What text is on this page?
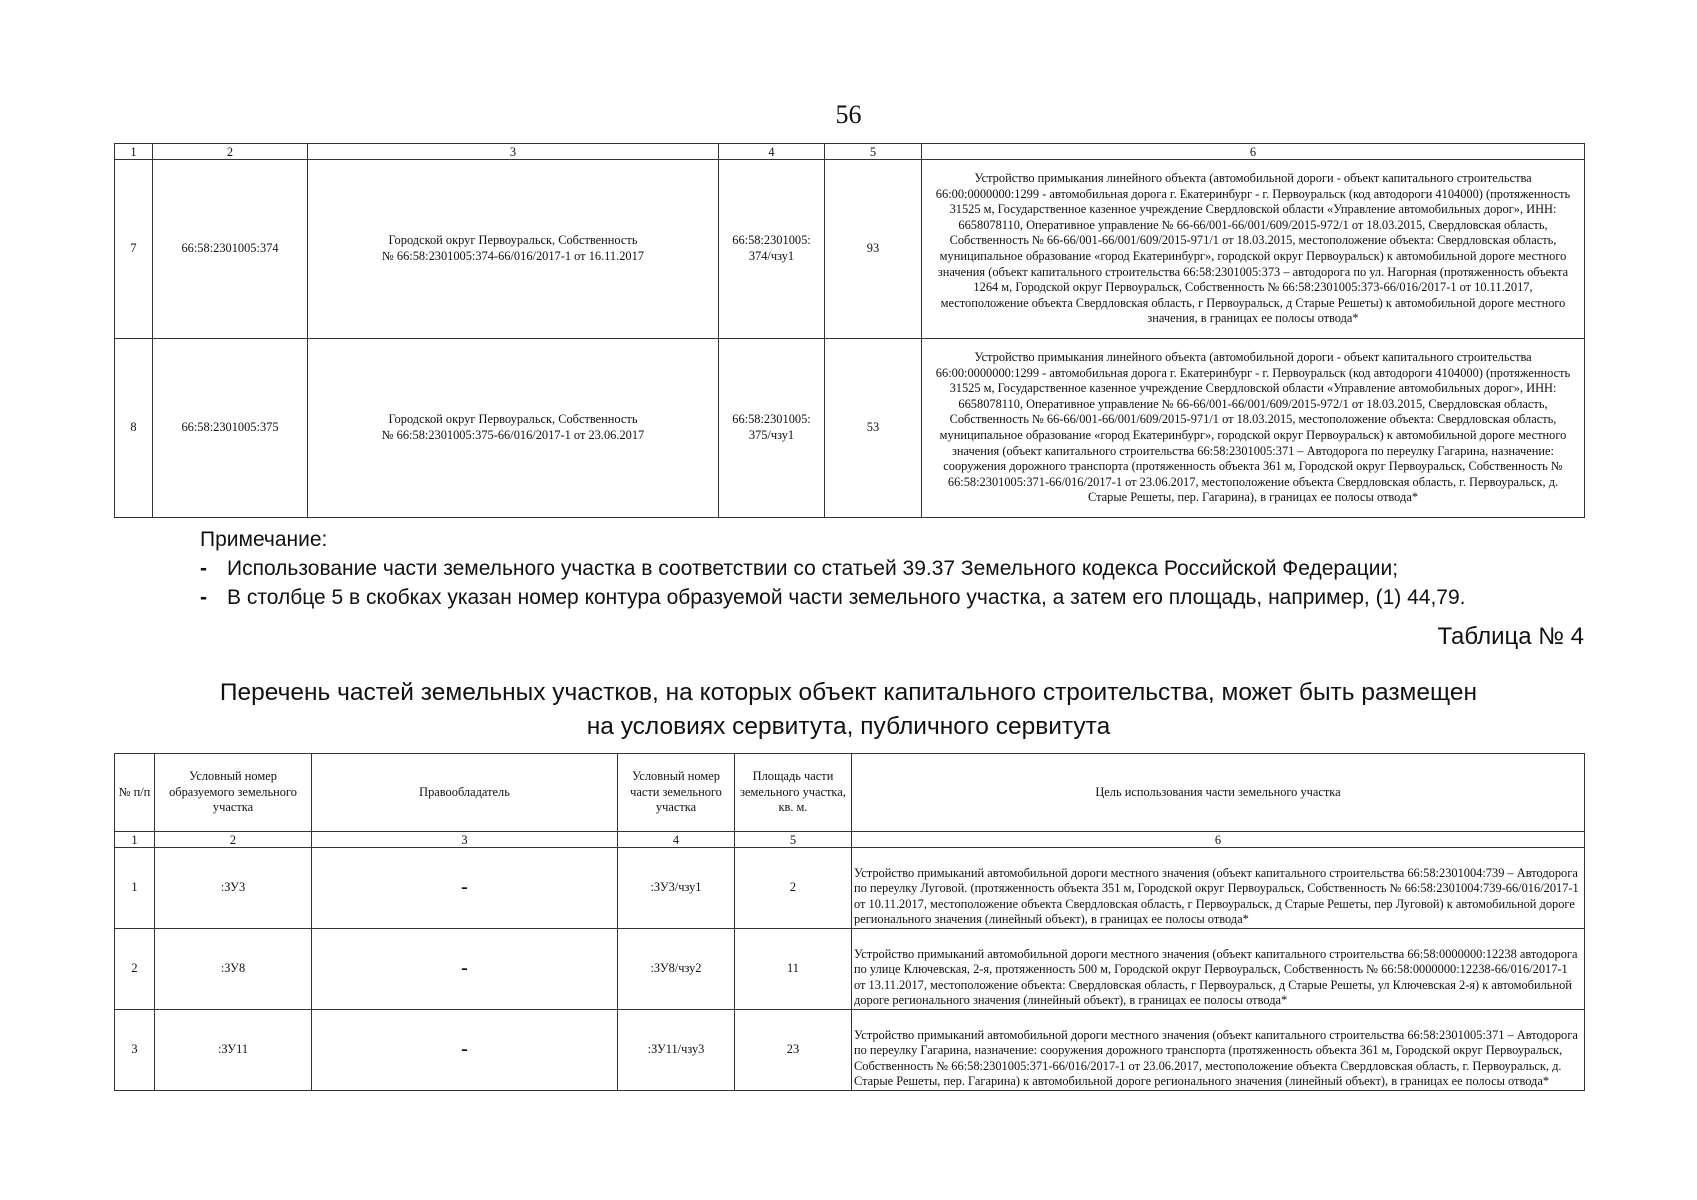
56
1	2	3	4	5	6
7	66:58:2301005:374	Городской округ Первоуральск, Собственность
№ 66:58:2301005:374-66/016/2017-1 от 16.11.2017	66:58:2301005:
374/чзу1	93	Устройство примыкания линейного объекта (автомобильной дороги - объект капитального строительства 66:00:0000000:1299 - автомобильная дорога г. Екатеринбург - г. Первоуральск (код автодороги 4104000) (протяженность 31525 м, Государственное казенное учреждение Свердловской области «Управление автомобильных дорог», ИНН: 6658078110, Оперативное управление № 66-66/001-66/001/609/2015-972/1 от 18.03.2015, Свердловская область, Собственность № 66-66/001-66/001/609/2015-971/1 от 18.03.2015, местоположение объекта: Свердловская область, муниципальное образование «город Екатеринбург», городской округ Первоуральск) к автомобильной дороге местного значения (объект капитального строительства 66:58:2301005:373 – автодорога по ул. Нагорная (протяженность объекта 1264 м, Городской округ Первоуральск, Собственность № 66:58:2301005:373-66/016/2017-1 от 10.11.2017, местоположение объекта Свердловская область, г Первоуральск, д Старые Решеты) к автомобильной дороге местного значения, в границах ее полосы отвода*
8	66:58:2301005:375	Городской округ Первоуральск, Собственность
№ 66:58:2301005:375-66/016/2017-1 от 23.06.2017	66:58:2301005:
375/чзу1	53	Устройство примыкания линейного объекта (автомобильной дороги - объект капитального строительства 66:00:0000000:1299 - автомобильная дорога г. Екатеринбург - г. Первоуральск (код автодороги 4104000) (протяженность 31525 м, Государственное казенное учреждение Свердловской области «Управление автомобильных дорог», ИНН: 6658078110, Оперативное управление № 66-66/001-66/001/609/2015-972/1 от 18.03.2015, Свердловская область, Собственность № 66-66/001-66/001/609/2015-971/1 от 18.03.2015, местоположение объекта: Свердловская область, муниципальное образование «город Екатеринбург», городской округ Первоуральск) к автомобильной дороге местного значения (объект капитального строительства 66:58:2301005:371 – Автодорога по переулку Гагарина, назначение: сооружения дорожного транспорта (протяженность объекта 361 м, Городской округ Первоуральск, Собственность № 66:58:2301005:371-66/016/2017-1 от 23.06.2017, местоположение объекта Свердловская область, г. Первоуральск, д. Старые Решеты, пер. Гагарина), в границах ее полосы отвода*
Примечание:
- Использование части земельного участка в соответствии со статьей 39.37 Земельного кодекса Российской Федерации;
- В столбце 5 в скобках указан номер контура образуемой части земельного участка, а затем его площадь, например, (1) 44,79.
Таблица № 4
Перечень частей земельных участков, на которых объект капитального строительства, может быть размещен
на условиях сервитута, публичного сервитута
№ п/п	Условный номер образуемого земельного участка	Правообладатель	Условный номер части земельного участка	Площадь части земельного участка, кв. м.	Цель использования части земельного участка
1	2	3	4	5	6
1	:ЗУ3	-	:ЗУ3/чзу1	2	Устройство примыканий автомобильной дороги местного значения (объект капитального строительства 66:58:2301004:739 – Автодорога по переулку Луговой. (протяженность объекта 351 м, Городской округ Первоуральск, Собственность № 66:58:2301004:739-66/016/2017-1 от 10.11.2017, местоположение объекта Свердловская область, г Первоуральск, д Старые Решеты, пер Луговой) к автомобильной дороге регионального значения (линейный объект), в границах ее полосы отвода*
2	:ЗУ8	-	:ЗУ8/чзу2	11	Устройство примыканий автомобильной дороги местного значения (объект капитального строительства 66:58:0000000:12238 автодорога по улице Ключевская, 2-я, протяженность 500 м, Городской округ Первоуральск, Собственность № 66:58:0000000:12238-66/016/2017-1 от 13.11.2017, местоположение объекта: Свердловская область, г Первоуральск, д Старые Решеты, ул Ключевская 2-я) к автомобильной дороге регионального значения (линейный объект), в границах ее полосы отвода*
3	:ЗУ11	-	:ЗУ11/чзу3	23	Устройство примыканий автомобильной дороги местного значения (объект капитального строительства 66:58:2301005:371 – Автодорога по переулку Гагарина, назначение: сооружения дорожного транспорта (протяженность объекта 361 м, Городской округ Первоуральск, Собственность № 66:58:2301005:371-66/016/2017-1 от 23.06.2017, местоположение объекта Свердловская область, г. Первоуральск, д. Старые Решеты, пер. Гагарина) к автомобильной дороге регионального значения (линейный объект), в границах ее полосы отвода*
